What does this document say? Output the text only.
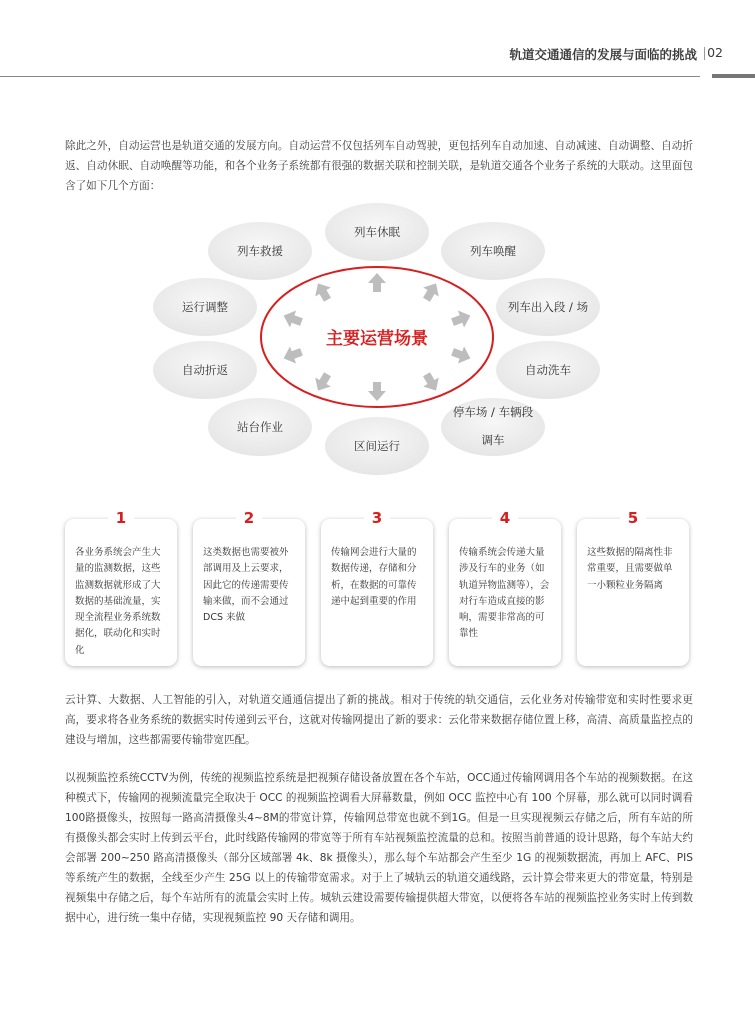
轨道交通通信的发展与面临的挑战 02

除此之外，自动运营也是轨道交通的发展方向。自动运营不仅包括列车自动驾驶，更包括列车自动加速、自动减速、自动调整、自动折返、自动休眠、自动唤醒等功能，和各个业务子系统都有很强的数据关联和控制关联，是轨道交通各个业务子系统的大联动。这里面包含了如下几个方面：

列车休眠
列车唤醒
列车出入段 / 场
自动洗车
停车场 / 车辆段
调车
区间运行
站台作业
自动折返
运行调整
列车救援
主要运营场景
各业务系统会产生大量的监测数据，这些监测数据就形成了大数据的基础流量，实现全流程业务系统数据化，联动化和实时化
1
这类数据也需要被外部调用及上云要求，因此它的传递需要传输来做，而不会通过 DCS 来做
2
传输网会进行大量的数据传递，存储和分析，在数据的可靠传递中起到重要的作用
3
传输系统会传递大量涉及行车的业务（如轨道异物监测等），会对行车造成直接的影响，需要非常高的可靠性
4
这些数据的隔离性非常重要，且需要做单一小颗粒业务隔离
5

云计算、大数据、人工智能的引入，对轨道交通通信提出了新的挑战。相对于传统的轨交通信，云化业务对传输带宽和实时性要求更高，要求将各业务系统的数据实时传递到云平台，这就对传输网提出了新的要求：云化带来数据存储位置上移，高清、高质量监控点的建设与增加，这些都需要传输带宽匹配。

以视频监控系统CCTV为例，传统的视频监控系统是把视频存储设备放置在各个车站，OCC通过传输网调用各个车站的视频数据。在这种模式下，传输网的视频流量完全取决于 OCC 的视频监控调看大屏幕数量，例如 OCC 监控中心有 100 个屏幕，那么就可以同时调看 100路摄像头，按照每一路高清摄像头4~8M的带宽计算，传输网总带宽也就不到1G。但是一旦实现视频云存储之后，所有车站的所有摄像头都会实时上传到云平台，此时线路传输网的带宽等于所有车站视频监控流量的总和。按照当前普通的设计思路，每个车站大约会部署 200~250 路高清摄像头（部分区域部署 4k、8k 摄像头），那么每个车站都会产生至少 1G 的视频数据流，再加上 AFC、PIS 等系统产生的数据，全线至少产生 25G 以上的传输带宽需求。对于上了城轨云的轨道交通线路，云计算会带来更大的带宽量，特别是视频集中存储之后，每个车站所有的流量会实时上传。城轨云建设需要传输提供超大带宽，以便将各车站的视频监控业务实时上传到数据中心，进行统一集中存储，实现视频监控 90 天存储和调用。
